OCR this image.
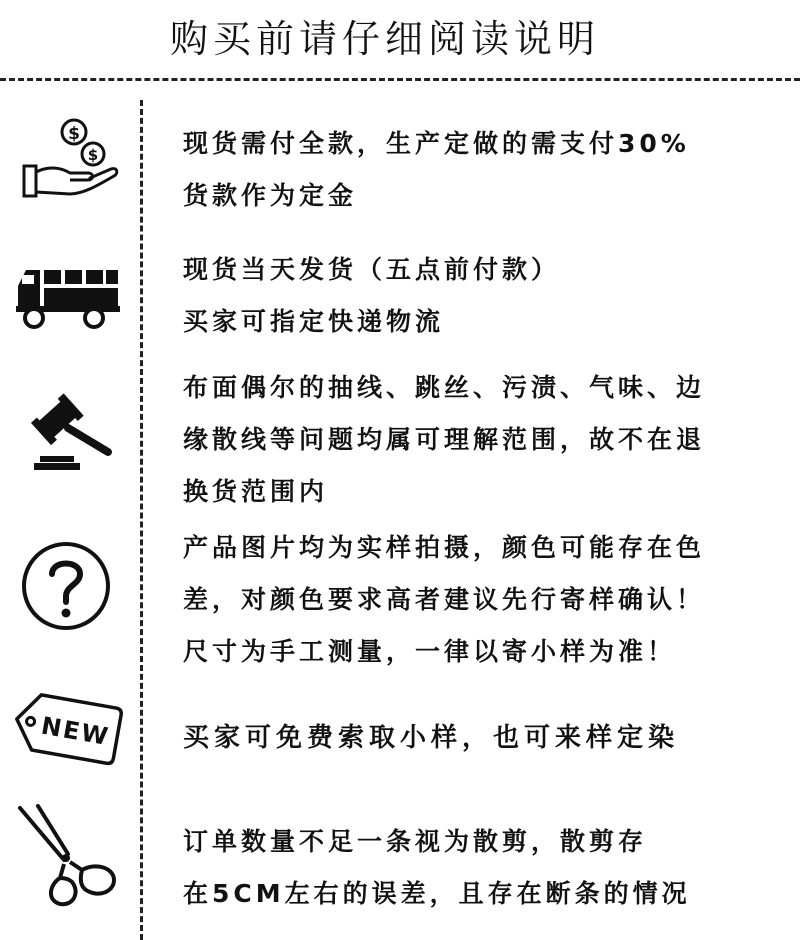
购买前请仔细阅读说明
$
$	现货需付全款，生产定做的需支付30%
货款作为定金
现货当天发货（五点前付款）
买家可指定快递物流
布面偶尔的抽线、跳丝、污渍、气味、边
缘散线等问题均属可理解范围，故不在退
换货范围内
产品图片均为实样拍摄，颜色可能存在色
差，对颜色要求高者建议先行寄样确认！
尺寸为手工测量，一律以寄小样为准！
NEW	买家可免费索取小样，也可来样定染
订单数量不足一条视为散剪，散剪存
在5CM左右的误差，且存在断条的情况
